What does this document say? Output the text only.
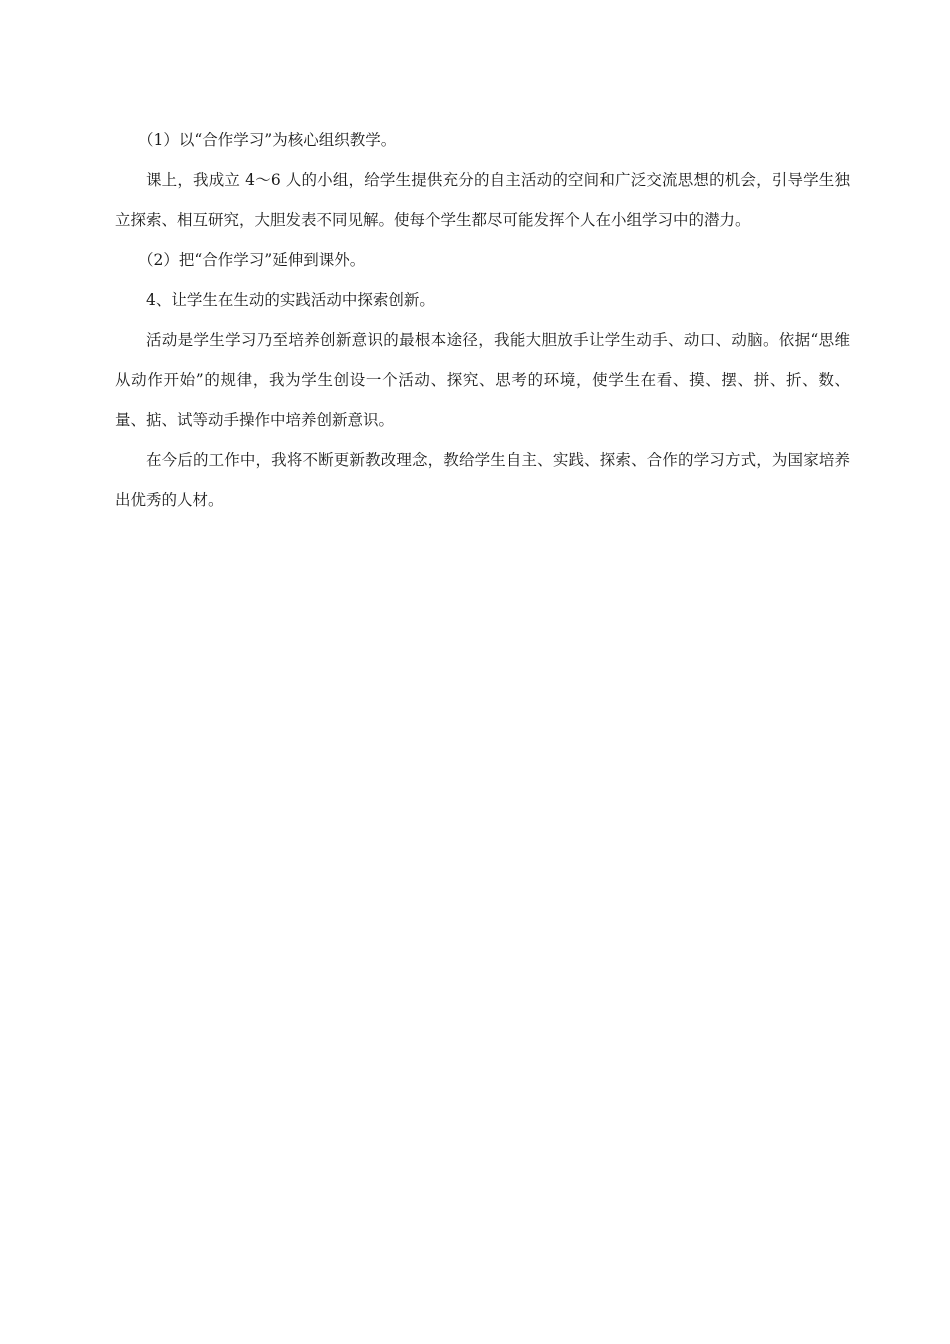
（1）以“合作学习”为核心组织教学。

课上，我成立 4～6 人的小组，给学生提供充分的自主活动的空间和广泛交流思想的机会，引导学生独立探索、相互研究，大胆发表不同见解。使每个学生都尽可能发挥个人在小组学习中的潜力。

（2）把“合作学习”延伸到课外。

4、让学生在生动的实践活动中探索创新。

活动是学生学习乃至培养创新意识的最根本途径，我能大胆放手让学生动手、动口、动脑。依据“思维从动作开始”的规律，我为学生创设一个活动、探究、思考的环境，使学生在看、摸、摆、拼、折、数、量、掂、试等动手操作中培养创新意识。

在今后的工作中，我将不断更新教改理念，教给学生自主、实践、探索、合作的学习方式，为国家培养出优秀的人材。
